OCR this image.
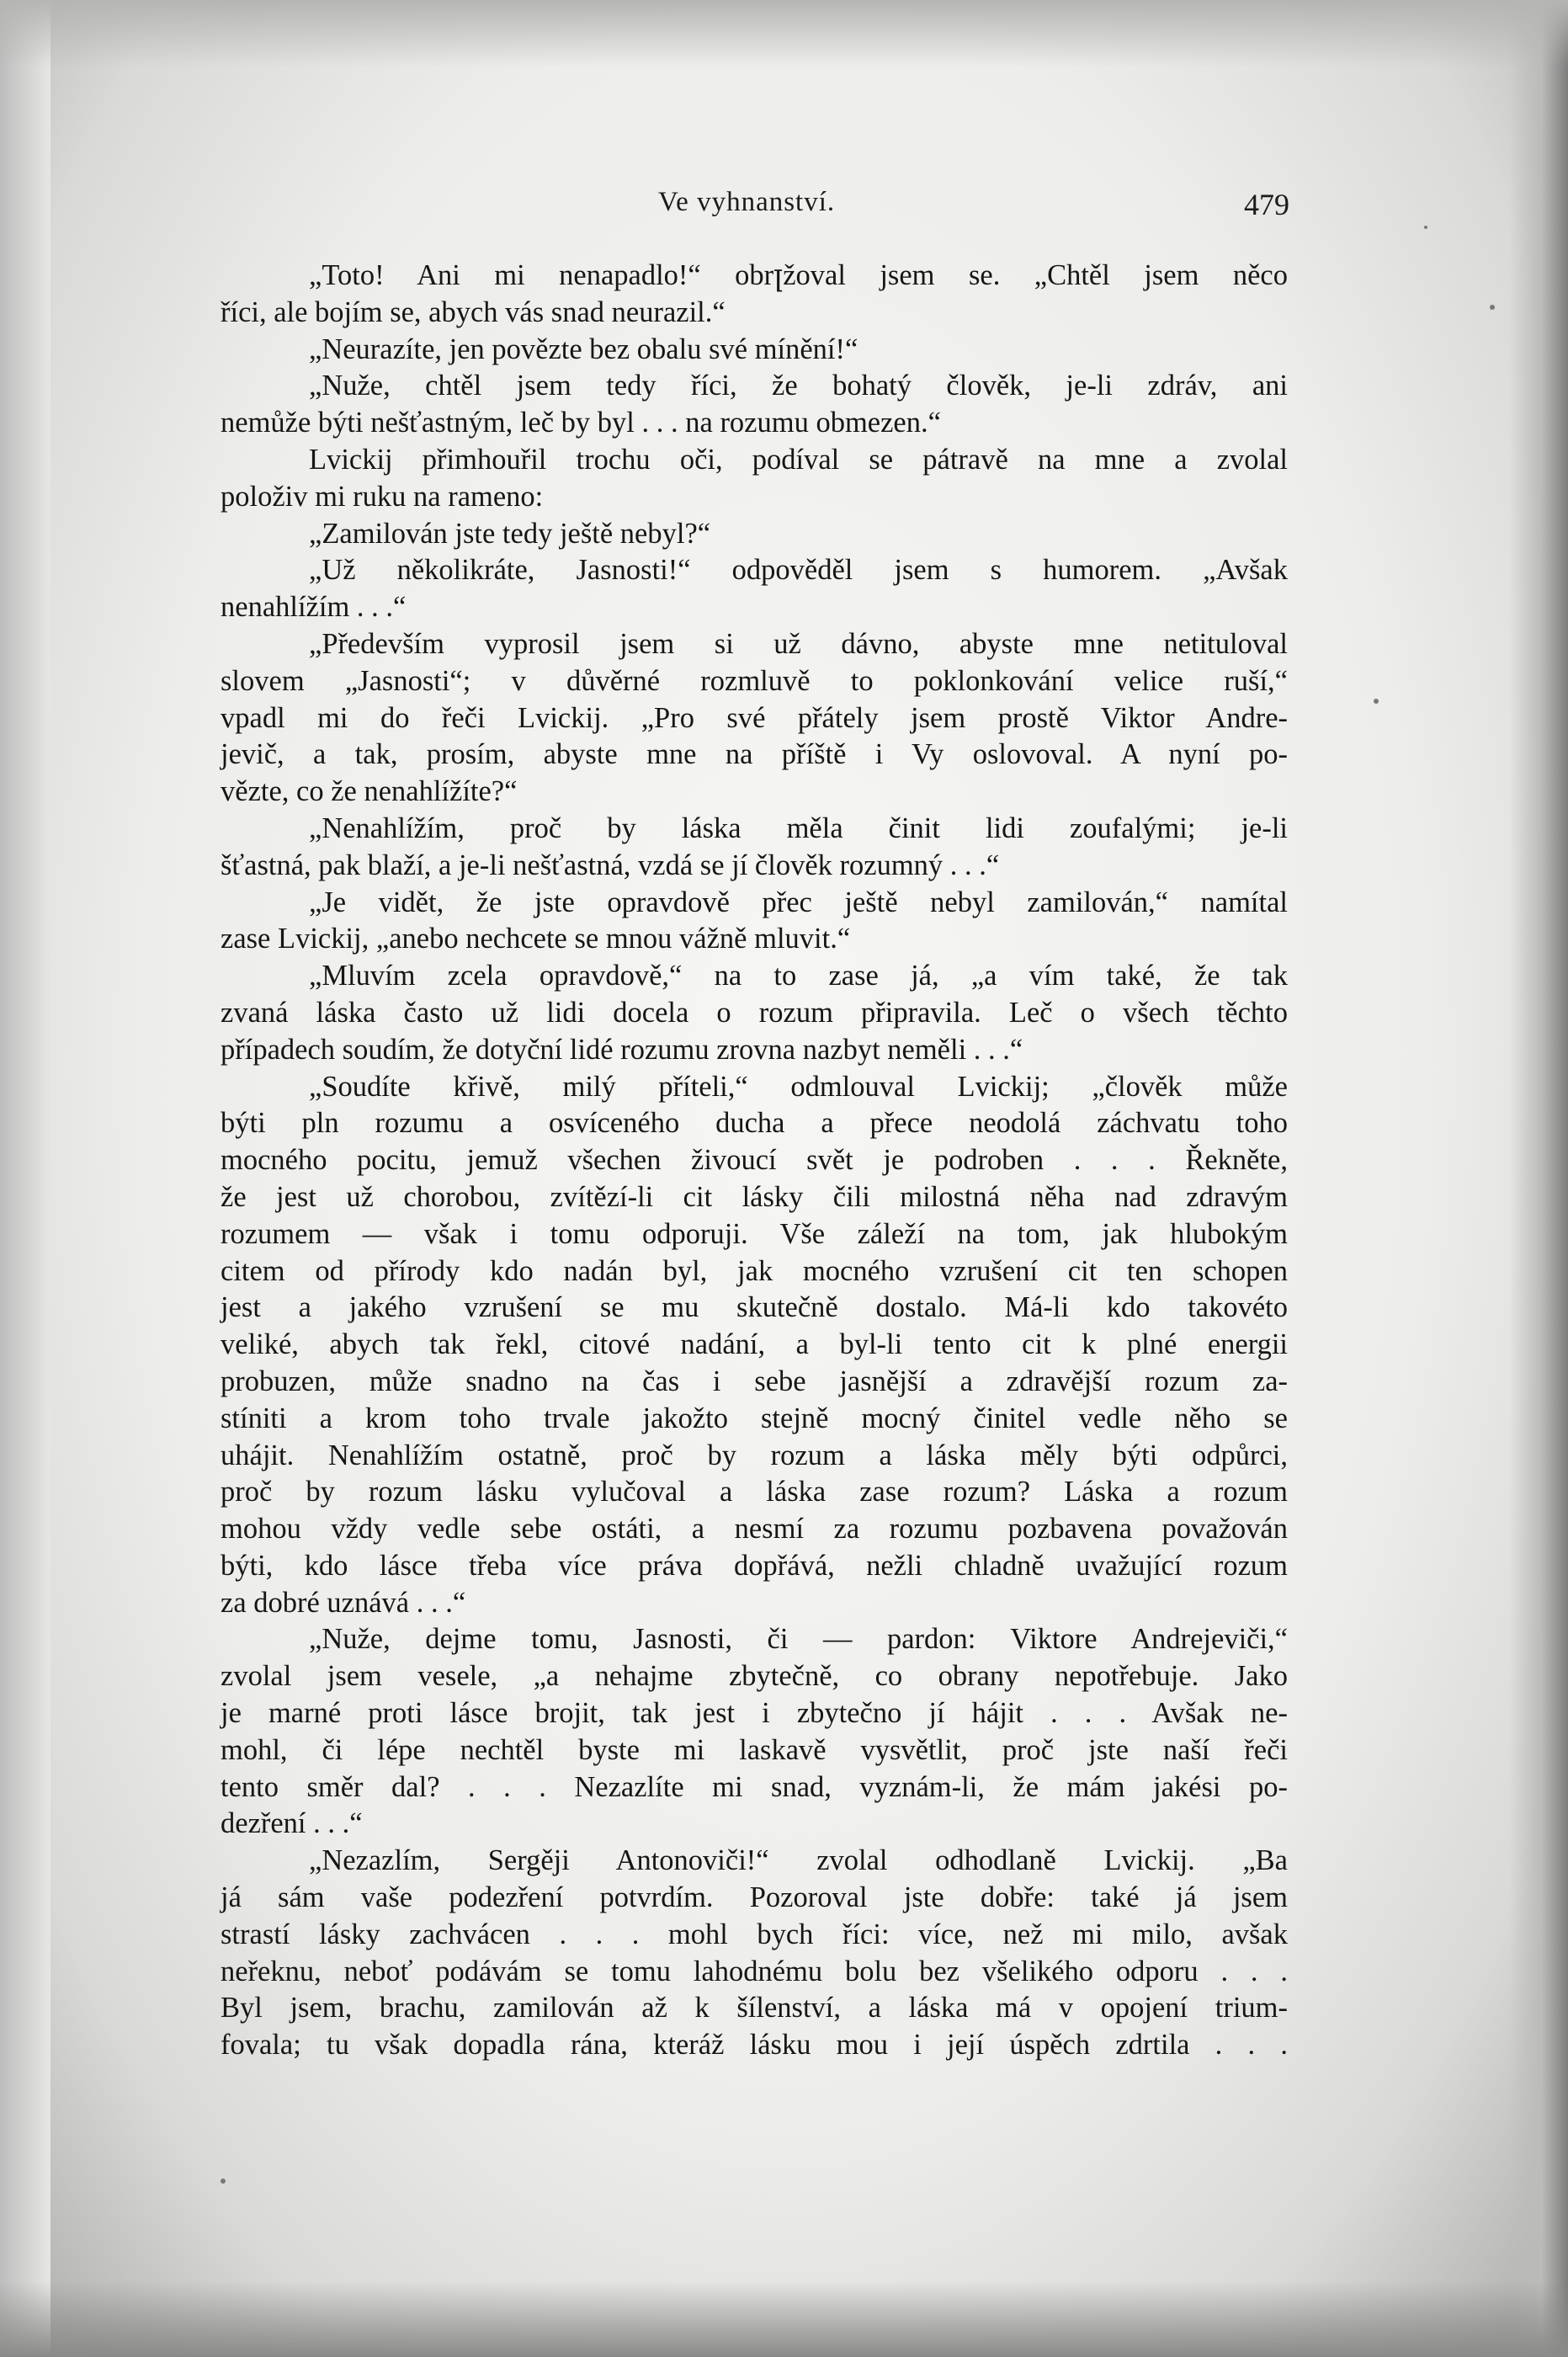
Ve vyhnanství.	479
„Toto! Ani mi nenapadlo!“ obrꞁžoval jsem se. „Chtěl jsem něco
říci, ale bojím se, abych vás snad neurazil.“
„Neurazíte, jen povězte bez obalu své mínění!“
„Nuže, chtěl jsem tedy říci, že bohatý člověk, je-li zdráv, ani
nemůže býti nešťastným, leč by byl . . . na rozumu obmezen.“
Lvickij přimhouřil trochu oči, podíval se pátravě na mne a zvolal
položiv mi ruku na rameno:
„Zamilován jste tedy ještě nebyl?“
„Už několikráte, Jasnosti!“ odpověděl jsem s humorem. „Avšak
nenahlížím . . .“
„Především vyprosil jsem si už dávno, abyste mne netituloval
slovem „Jasnosti“; v důvěrné rozmluvě to poklonkování velice ruší,“
vpadl mi do řeči Lvickij. „Pro své přátely jsem prostě Viktor Andre-
jevič, a tak, prosím, abyste mne na příště i Vy oslovoval. A nyní po-
vězte, co že nenahlížíte?“
„Nenahlížím, proč by láska měla činit lidi zoufalými; je-li
šťastná, pak blaží, a je-li nešťastná, vzdá se jí člověk rozumný . . .“
„Je vidět, že jste opravdově přec ještě nebyl zamilován,“ namítal
zase Lvickij, „anebo nechcete se mnou vážně mluvit.“
„Mluvím zcela opravdově,“ na to zase já, „a vím také, že tak
zvaná láska často už lidi docela o rozum připravila. Leč o všech těchto
případech soudím, že dotyční lidé rozumu zrovna nazbyt neměli . . .“
„Soudíte křivě, milý příteli,“ odmlouval Lvickij; „člověk může
býti pln rozumu a osvíceného ducha a přece neodolá záchvatu toho
mocného pocitu, jemuž všechen živoucí svět je podroben . . . Řekněte,
že jest už chorobou, zvítězí-li cit lásky čili milostná něha nad zdravým
rozumem — však i tomu odporuji. Vše záleží na tom, jak hlubokým
citem od přírody kdo nadán byl, jak mocného vzrušení cit ten schopen
jest a jakého vzrušení se mu skutečně dostalo. Má-li kdo takovéto
veliké, abych tak řekl, citové nadání, a byl-li tento cit k plné energii
probuzen, může snadno na čas i sebe jasnější a zdravější rozum za-
stíniti a krom toho trvale jakožto stejně mocný činitel vedle něho se
uhájit. Nenahlížím ostatně, proč by rozum a láska měly býti odpůrci,
proč by rozum lásku vylučoval a láska zase rozum? Láska a rozum
mohou vždy vedle sebe ostáti, a nesmí za rozumu pozbavena považován
býti, kdo lásce třeba více práva dopřává, nežli chladně uvažující rozum
za dobré uznává . . .“
„Nuže, dejme tomu, Jasnosti, či — pardon: Viktore Andrejeviči,“
zvolal jsem vesele, „a nehajme zbytečně, co obrany nepotřebuje. Jako
je marné proti lásce brojit, tak jest i zbytečno jí hájit . . . Avšak ne-
mohl, či lépe nechtěl byste mi laskavě vysvětlit, proč jste naší řeči
tento směr dal? . . . Nezazlíte mi snad, vyznám-li, že mám jakési po-
dezření . . .“
„Nezazlím, Sergěji Antonoviči!“ zvolal odhodlaně Lvickij. „Ba
já sám vaše podezření potvrdím. Pozoroval jste dobře: také já jsem
strastí lásky zachvácen . . . mohl bych říci: více, než mi milo, avšak
neřeknu, neboť podávám se tomu lahodnému bolu bez všelikého odporu . . .
Byl jsem, brachu, zamilován až k šílenství, a láska má v opojení trium-
fovala; tu však dopadla rána, kteráž lásku mou i její úspěch zdrtila . . .
